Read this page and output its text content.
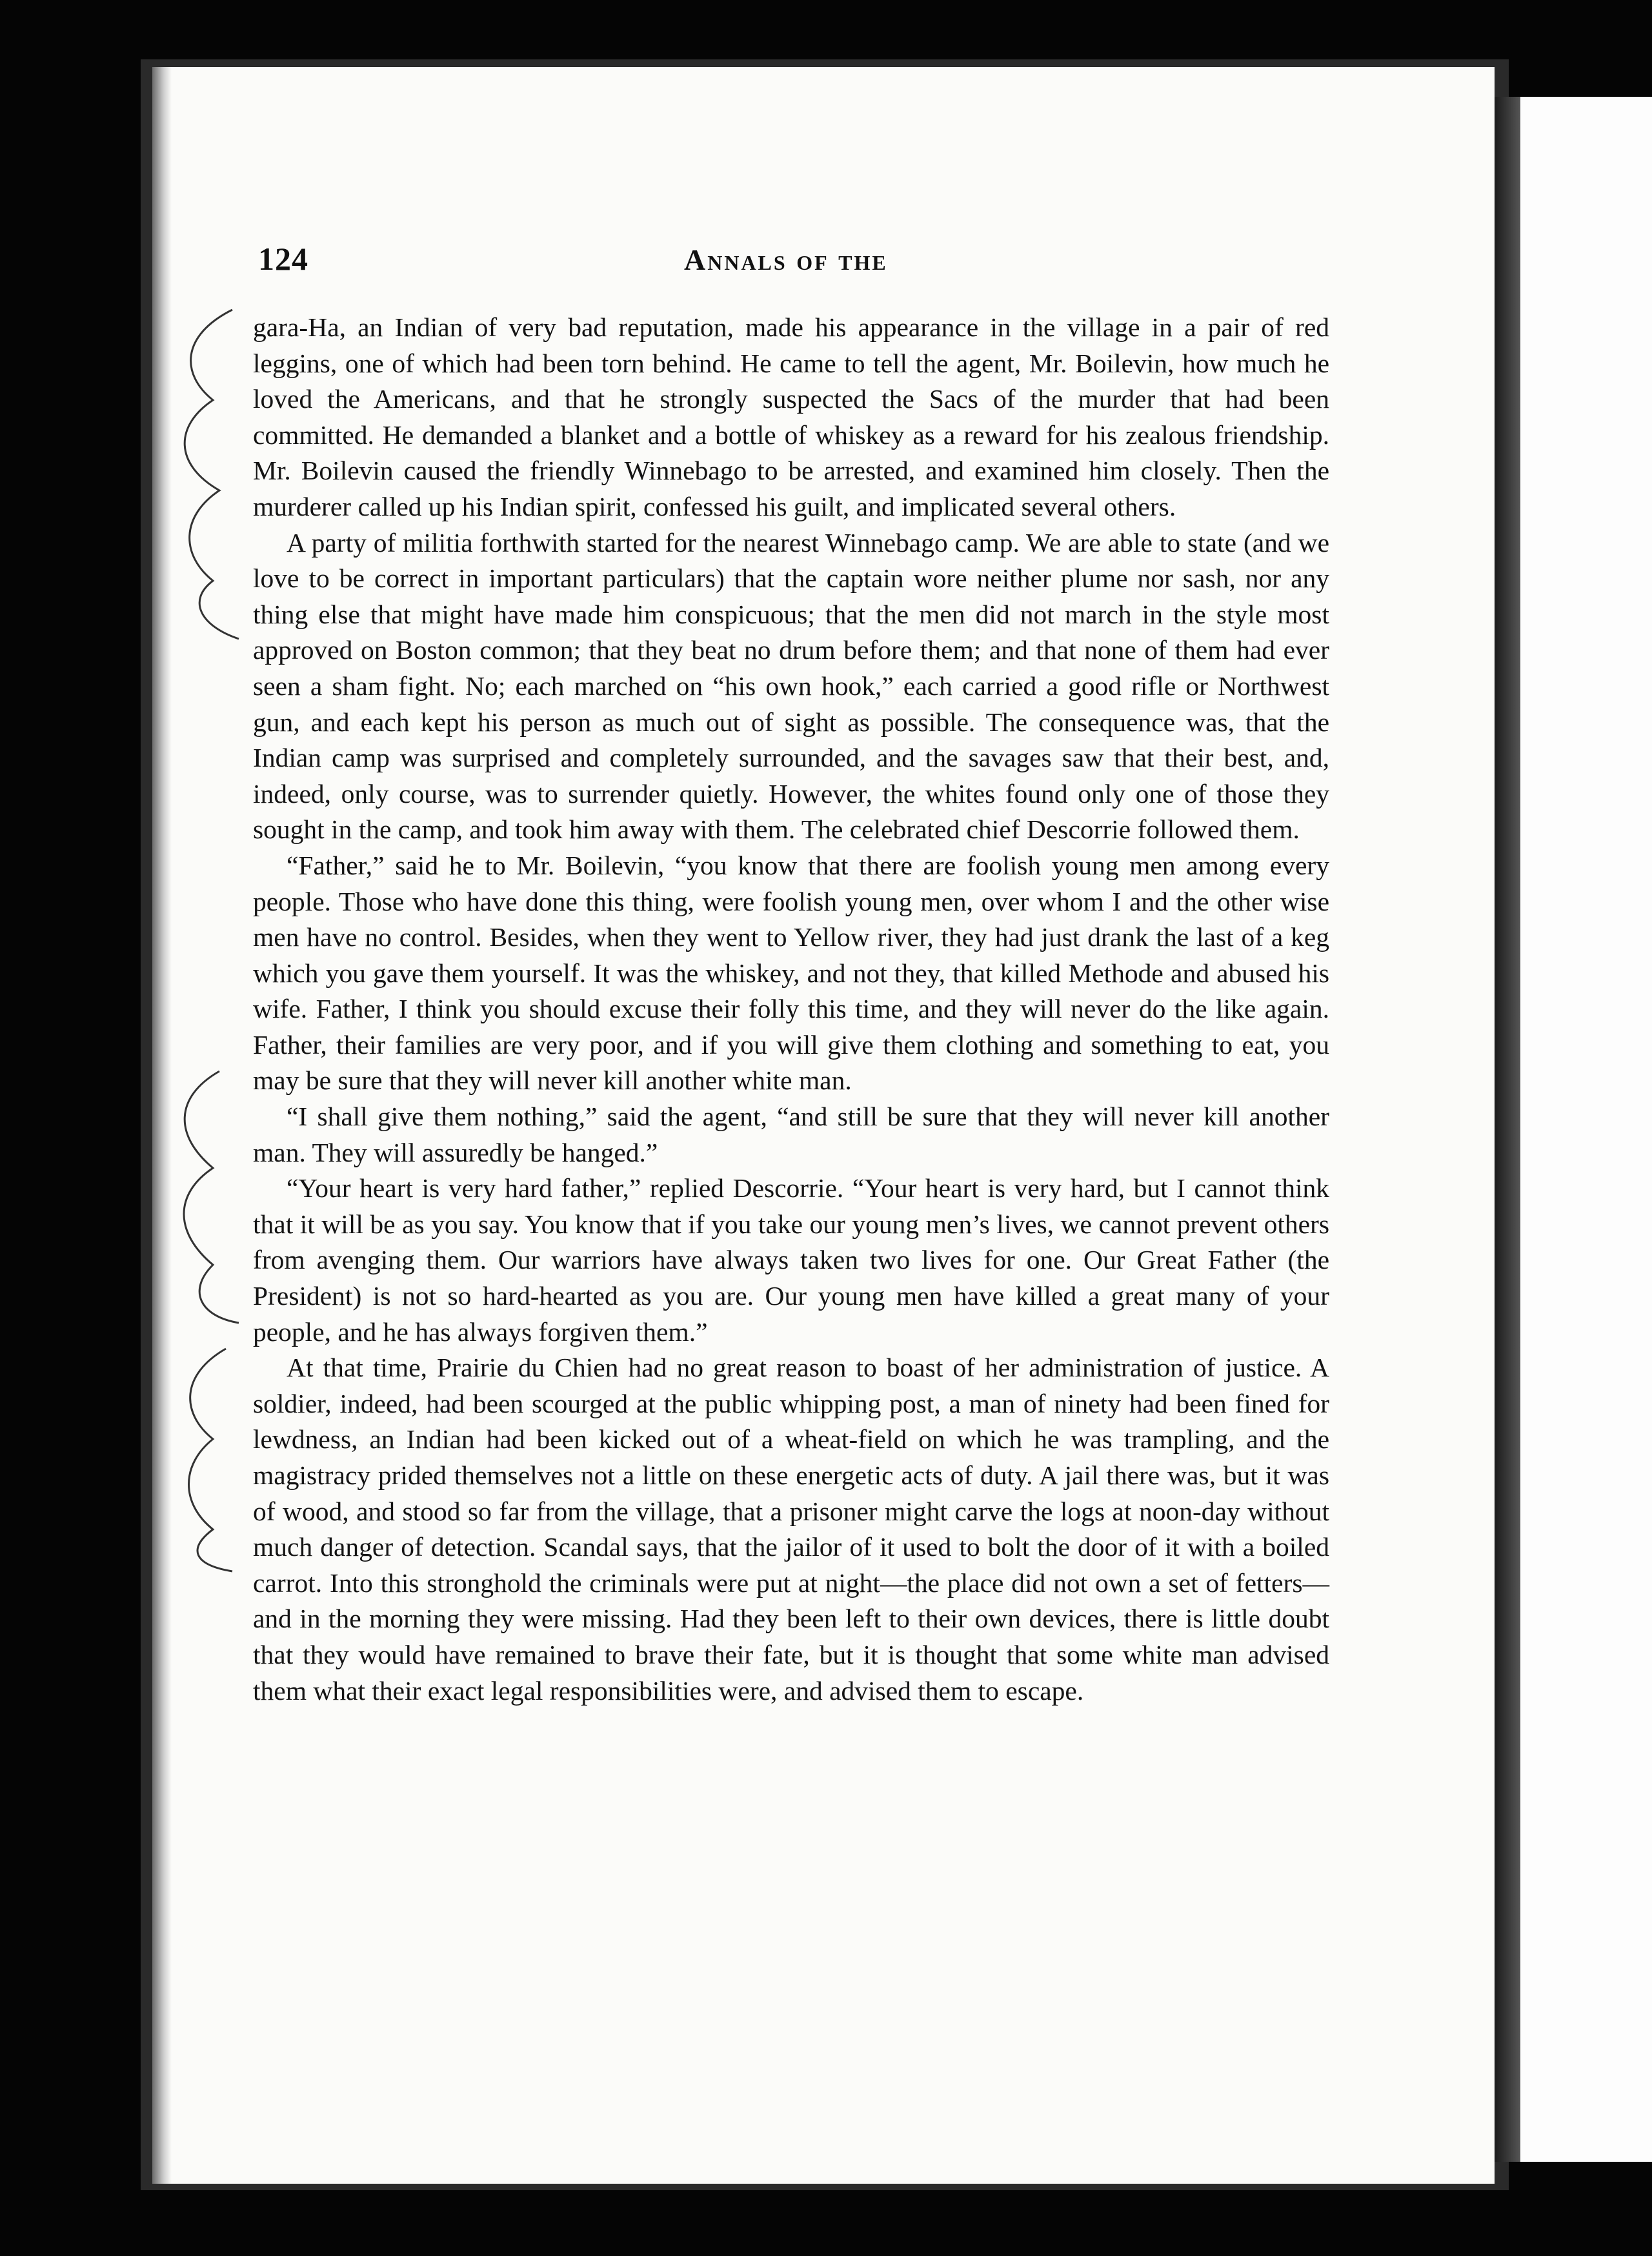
124	Annals of the

gara-Ha, an Indian of very bad reputation, made his appearance in the village in a pair of red leggins, one of which had been torn behind. He came to tell the agent, Mr. Boilevin, how much he loved the Americans, and that he strongly suspected the Sacs of the murder that had been committed. He demanded a blanket and a bottle of whiskey as a reward for his zealous friendship. Mr. Boilevin caused the friendly Winnebago to be arrested, and examined him closely. Then the murderer called up his Indian spirit, confessed his guilt, and implicated several others.

A party of militia forthwith started for the nearest Winnebago camp. We are able to state (and we love to be correct in important particulars) that the captain wore neither plume nor sash, nor any thing else that might have made him conspicuous; that the men did not march in the style most approved on Boston common; that they beat no drum before them; and that none of them had ever seen a sham fight. No; each marched on “his own hook,” each carried a good rifle or Northwest gun, and each kept his person as much out of sight as possible. The consequence was, that the Indian camp was surprised and completely surrounded, and the savages saw that their best, and, indeed, only course, was to surrender quietly. However, the whites found only one of those they sought in the camp, and took him away with them. The celebrated chief Descorrie followed them.

“Father,” said he to Mr. Boilevin, “you know that there are foolish young men among every people. Those who have done this thing, were foolish young men, over whom I and the other wise men have no control. Besides, when they went to Yellow river, they had just drank the last of a keg which you gave them yourself. It was the whiskey, and not they, that killed Methode and abused his wife. Father, I think you should excuse their folly this time, and they will never do the like again. Father, their families are very poor, and if you will give them clothing and something to eat, you may be sure that they will never kill another white man.

“I shall give them nothing,” said the agent, “and still be sure that they will never kill another man. They will assuredly be hanged.”

“Your heart is very hard father,” replied Descorrie. “Your heart is very hard, but I cannot think that it will be as you say. You know that if you take our young men’s lives, we cannot prevent others from avenging them. Our warriors have always taken two lives for one. Our Great Father (the President) is not so hard-hearted as you are. Our young men have killed a great many of your people, and he has always forgiven them.”

At that time, Prairie du Chien had no great reason to boast of her administration of justice. A soldier, indeed, had been scourged at the public whipping post, a man of ninety had been fined for lewdness, an Indian had been kicked out of a wheat-field on which he was trampling, and the magistracy prided themselves not a little on these energetic acts of duty. A jail there was, but it was of wood, and stood so far from the village, that a prisoner might carve the logs at noon-day without much danger of detection. Scandal says, that the jailor of it used to bolt the door of it with a boiled carrot. Into this stronghold the criminals were put at night—the place did not own a set of fetters—and in the morning they were missing. Had they been left to their own devices, there is little doubt that they would have remained to brave their fate, but it is thought that some white man advised them what their exact legal responsibilities were, and advised them to escape.
